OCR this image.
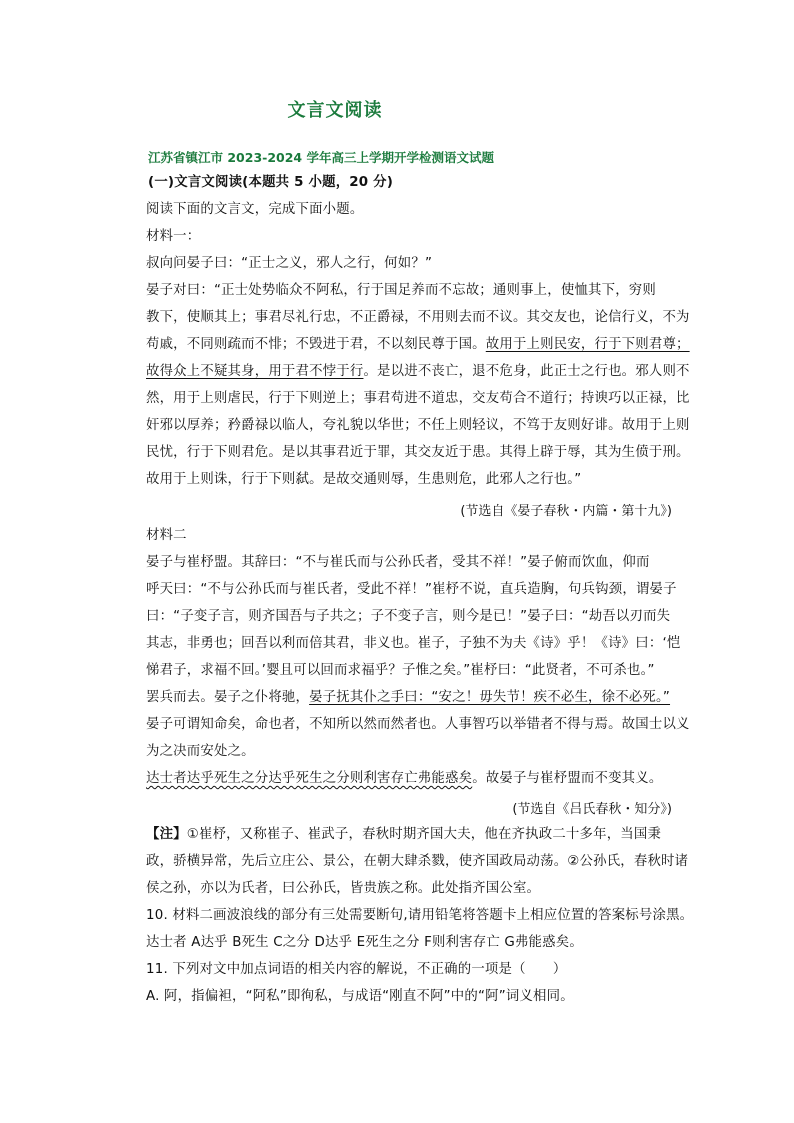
文言文阅读
江苏省镇江市 2023-2024 学年高三上学期开学检测语文试题
(一)文言文阅读(本题共 5 小题，20 分)
阅读下面的文言文，完成下面小题。
材料一：
叔向问晏子曰：“正士之义，邪人之行，何如？”
晏子对曰：“正士处势临众不阿私，行于国足养而不忘故；通则事上，使恤其下，穷则
教下，使顺其上；事君尽礼行忠，不正爵禄，不用则去而不议。其交友也，论信行义，不为
苟戚，不同则疏而不悱；不毁进于君，不以刻民尊于国。故用于上则民安，行于下则君尊；
故得众上不疑其身，用于君不悖于行。是以进不丧亡，退不危身，此正士之行也。邪人则不
然，用于上则虐民，行于下则逆上；事君苟进不道忠，交友苟合不道行；持谀巧以正禄，比
奸邪以厚养；矜爵禄以临人，夸礼貌以华世；不任上则轻议，不笃于友则好诽。故用于上则
民忧，行于下则君危。是以其事君近于罪，其交友近于患。其得上辟于辱，其为生偾于刑。
故用于上则诛，行于下则弑。是故交通则辱，生患则危，此邪人之行也。”
(节选自《晏子春秋・内篇・第十九》)
材料二
晏子与崔杼盟。其辞曰：“不与崔氏而与公孙氏者，受其不祥！”晏子俯而饮血，仰而
呼天曰：“不与公孙氏而与崔氏者，受此不祥！”崔杼不说，直兵造胸，句兵钩颈，谓晏子
曰：“子变子言，则齐国吾与子共之；子不变子言，则今是已！”晏子曰：“劫吾以刃而失
其志，非勇也；回吾以利而倍其君，非义也。崔子，子独不为夫《诗》乎！《诗》曰：‘恺
悌君子，求福不回。’婴且可以回而求福乎？子惟之矣。”崔杼曰：“此贤者，不可杀也。”
罢兵而去。晏子之仆将驰，晏子抚其仆之手曰：“安之！毋失节！疾不必生，徐不必死。”
晏子可谓知命矣，命也者，不知所以然而然者也。人事智巧以举错者不得与焉。故国士以义
为之决而安处之。
达士者达乎死生之分达乎死生之分则利害存亡弗能惑矣。故晏子与崔杼盟而不变其义。
(节选自《吕氏春秋・知分》)
【注】①崔杼，又称崔子、崔武子，春秋时期齐国大夫，他在齐执政二十多年，当国秉
政，骄横异常，先后立庄公、景公，在朝大肆杀戮，使齐国政局动荡。②公孙氏，春秋时诸
侯之孙，亦以为氏者，曰公孙氏，皆贵族之称。此处指齐国公室。
10. 材料二画波浪线的部分有三处需要断句,请用铅笔将答题卡上相应位置的答案标号涂黑。
达士者 A达乎 B死生 C之分 D达乎 E死生之分 F则利害存亡 G弗能惑矣。
11. 下列对文中加点词语的相关内容的解说，不正确的一项是（　　）
A. 阿，指偏袒，“阿私”即徇私，与成语“刚直不阿”中的“阿”词义相同。
